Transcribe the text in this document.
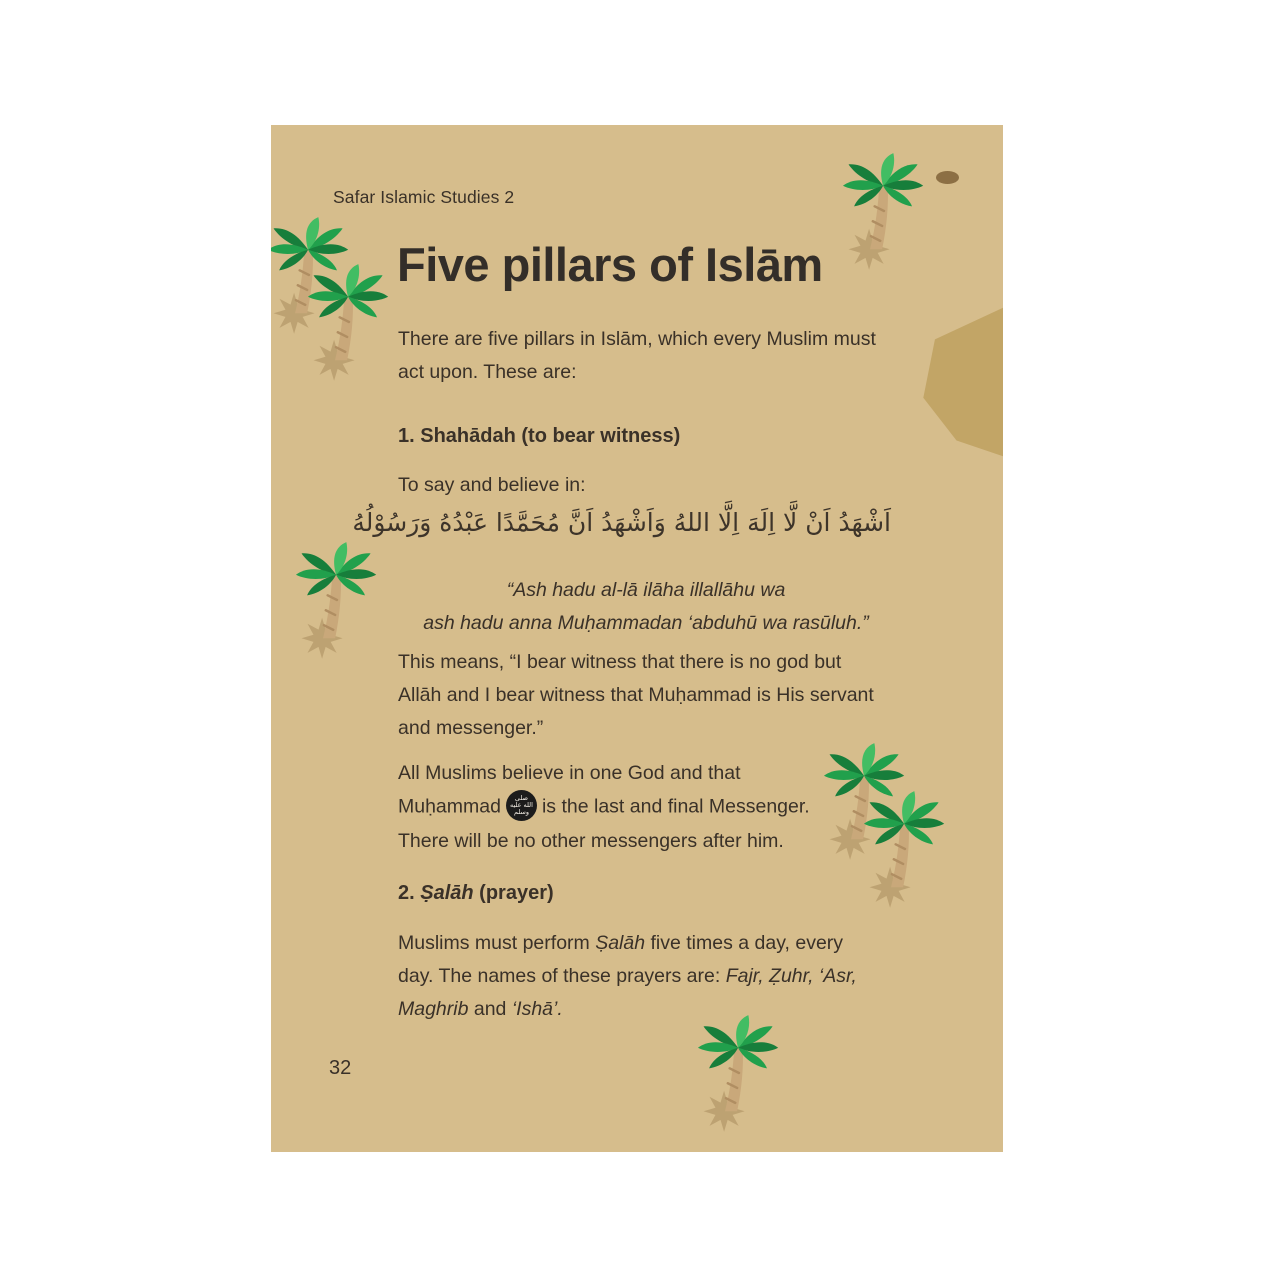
Safar Islamic Studies 2
Five pillars of Islām
There are five pillars in Islām, which every Muslim must
act upon. These are:
1. Shahādah (to bear witness)
To say and believe in:
اَشْهَدُ اَنْ لَّا اِلَهَ اِلَّا اللهُ وَاَشْهَدُ اَنَّ مُحَمَّدًا عَبْدُهُ وَرَسُوْلُهُ
“Ash hadu al-lā ilāha illallāhu wa
ash hadu anna Muḥammadan ‘abduhū wa rasūluh.”
This means, “I bear witness that there is no god but
Allāh and I bear witness that Muḥammad is His servant
and messenger.”
All Muslims believe in one God and that
Muḥammad صلى
الله عليه
وسلم is the last and final Messenger.
There will be no other messengers after him.
2. Ṣalāh (prayer)
Muslims must perform Ṣalāh five times a day, every
day. The names of these prayers are: Fajr, Ẓuhr, ‘Asr,
Maghrib and ‘Ishā’.
32
